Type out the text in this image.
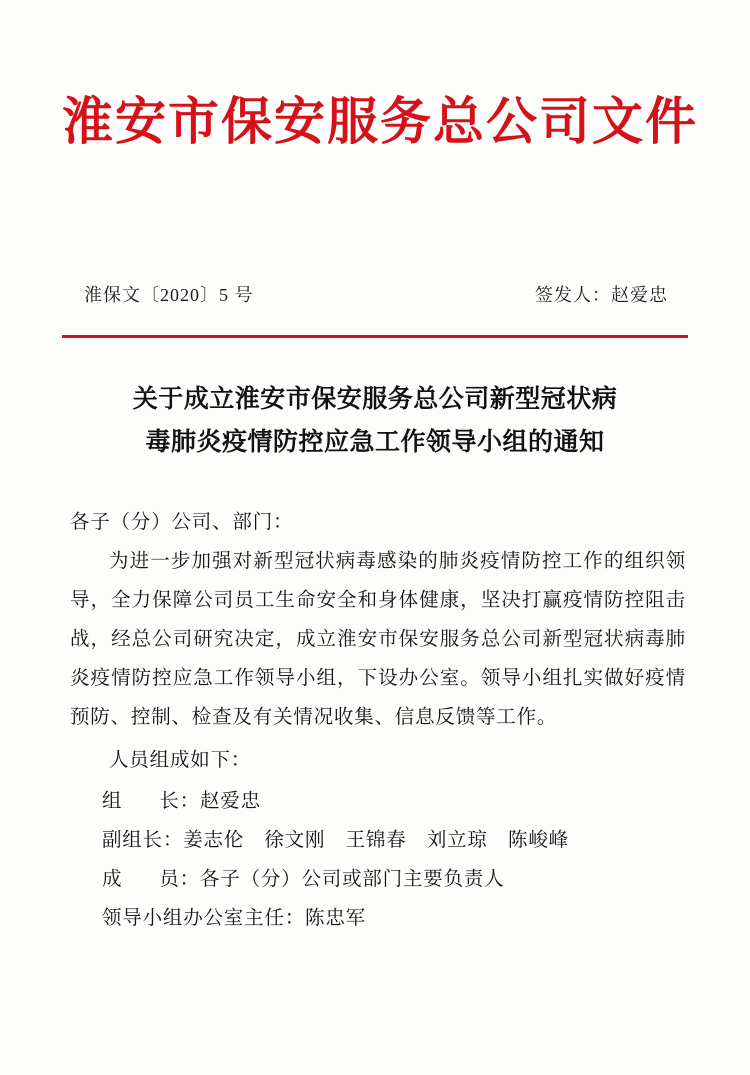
淮安市保安服务总公司文件
淮保文〔2020〕5 号	签发人：赵爱忠
关于成立淮安市保安服务总公司新型冠状病
毒肺炎疫情防控应急工作领导小组的通知
各子（分）公司、部门：
为进一步加强对新型冠状病毒感染的肺炎疫情防控工作的组织领导，全力保障公司员工生命安全和身体健康，坚决打赢疫情防控阻击战，经总公司研究决定，成立淮安市保安服务总公司新型冠状病毒肺炎疫情防控应急工作领导小组，下设办公室。领导小组扎实做好疫情预防、控制、检查及有关情况收集、信息反馈等工作。
人员组成如下：
组 长：赵爱忠
副组长：姜志伦　徐文刚　王锦春　刘立琼　陈峻峰
成 员：各子（分）公司或部门主要负责人
领导小组办公室主任：陈忠军
